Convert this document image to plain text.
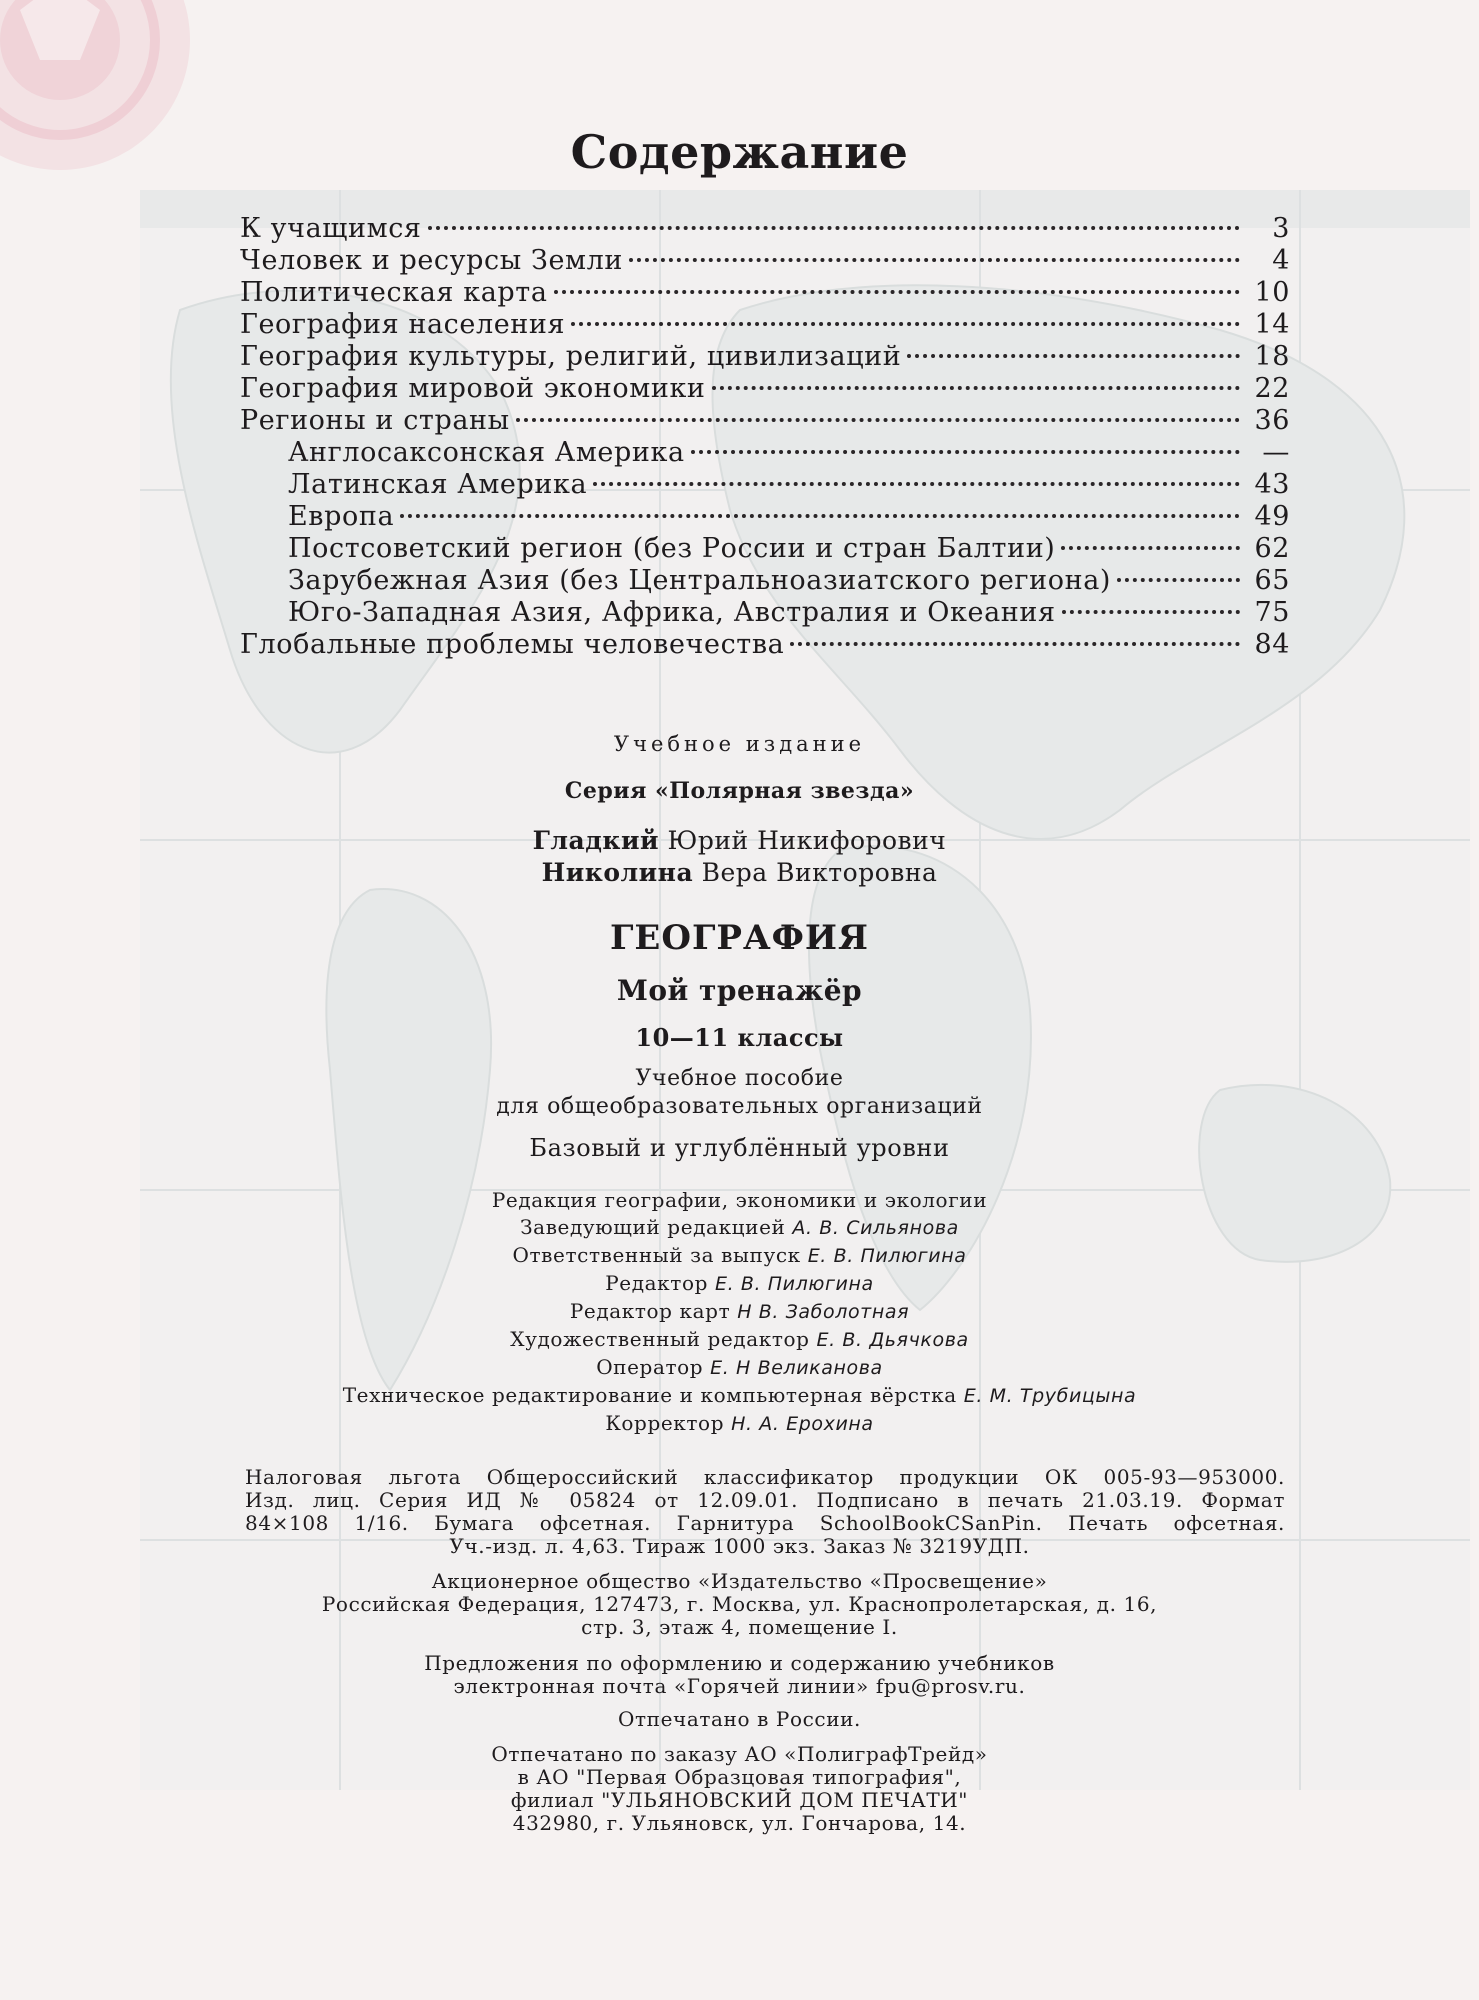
Содержание
К учащимся	3
Человек и ресурсы Земли	4
Политическая карта	10
География населения	14
География культуры, религий, цивилизаций	18
География мировой экономики	22
Регионы и страны	36
Англосаксонская Америка	—
Латинская Америка	43
Европа	49
Постсоветский регион (без России и стран Балтии)	62
Зарубежная Азия (без Центральноазиатского региона)	65
Юго-Западная Азия, Африка, Австралия и Океания	75
Глобальные проблемы человечества	84
Учебное издание
Серия «Полярная звезда»
Гладкий Юрий Никифорович
Николина Вера Викторовна
ГЕОГРАФИЯ
Мой тренажёр
10—11 классы
Учебное пособие
для общеобразовательных организаций
Базовый и углублённый уровни
Редакция географии, экономики и экологии
Заведующий редакцией А. В. Сильянова
Ответственный за выпуск Е. В. Пилюгина
Редактор Е. В. Пилюгина
Редактор карт Н В. Заболотная
Художественный редактор Е. В. Дьячкова
Оператор Е. Н Великанова
Техническое редактирование и компьютерная вёрстка Е. М. Трубицына
Корректор Н. А. Ерохина
Налоговая льгота Общероссийский классификатор продукции ОК 005-93—953000.
Изд. лиц. Серия ИД № 05824 от 12.09.01. Подписано в печать 21.03.19. Формат
84×108 1/16. Бумага офсетная. Гарнитура SchoolBookCSanPin. Печать офсетная.
Уч.-изд. л. 4,63. Тираж 1000 экз. Заказ № 3219УДП.
Акционерное общество «Издательство «Просвещение»
Российская Федерация, 127473, г. Москва, ул. Краснопролетарская, д. 16,
стр. 3, этаж 4, помещение I.
Предложения по оформлению и содержанию учебников
электронная почта «Горячей линии» fpu@prosv.ru.
Отпечатано в России.
Отпечатано по заказу АО «ПолиграфТрейд»
в АО "Первая Образцовая типография",
филиал "УЛЬЯНОВСКИЙ ДОМ ПЕЧАТИ"
432980, г. Ульяновск, ул. Гончарова, 14.
